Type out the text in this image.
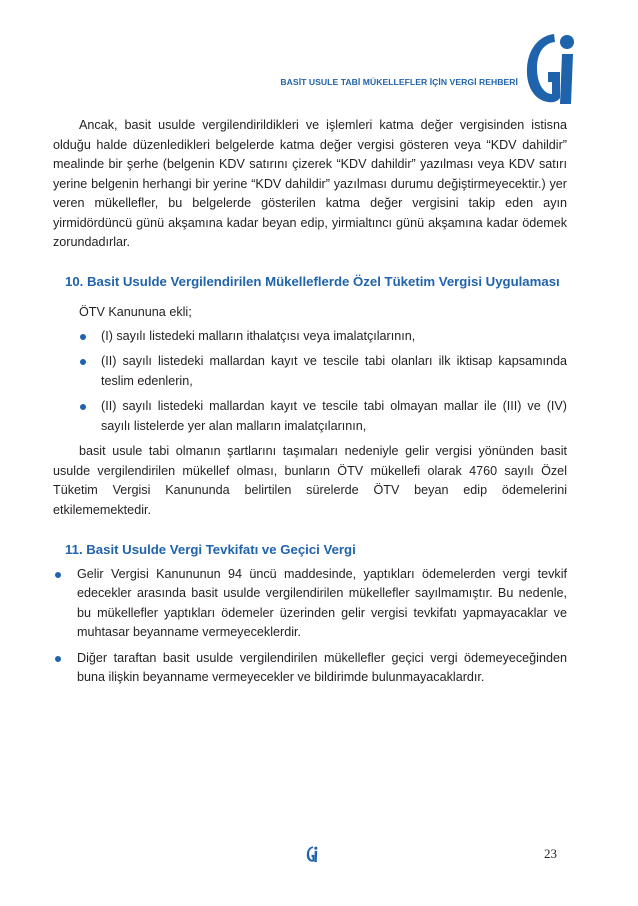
BASİT USULE TABİ MÜKELLEFLER İÇİN VERGİ REHBERİ

Ancak, basit usulde vergilendirildikleri ve işlemleri katma değer vergisinden istisna olduğu halde düzenledikleri belgelerde katma değer vergisi gösteren veya “KDV dahildir” mealinde bir şerhe (belgenin KDV satırını çizerek “KDV dahildir” yazılması veya KDV satırı yerine belgenin herhangi bir yerine “KDV dahildir” yazılması durumu değiştirmeyecektir.) yer veren mükellefler, bu belgelerde gösterilen katma değer vergisini takip eden ayın yirmidördüncü günü akşamına kadar beyan edip, yirmialtıncı günü akşamına kadar ödemek zorundadırlar.

10. Basit Usulde Vergilendirilen Mükelleflerde Özel Tüketim Vergisi Uygulaması

ÖTV Kanununa ekli;

(I) sayılı listedeki malların ithalatçısı veya imalatçılarının,
(II) sayılı listedeki mallardan kayıt ve tescile tabi olanları ilk iktisap kapsamında teslim edenlerin,
(II) sayılı listedeki mallardan kayıt ve tescile tabi olmayan mallar ile (III) ve (IV) sayılı listelerde yer alan malların imalatçılarının,

basit usule tabi olmanın şartlarını taşımaları nedeniyle gelir vergisi yönünden basit usulde vergilendirilen mükellef olması, bunların ÖTV mükellefi olarak 4760 sayılı Özel Tüketim Vergisi Kanununda belirtilen sürelerde ÖTV beyan edip ödemelerini etkilememektedir.

11. Basit Usulde Vergi Tevkifatı ve Geçici Vergi

Gelir Vergisi Kanununun 94 üncü maddesinde, yaptıkları ödemelerden vergi tevkif edecekler arasında basit usulde vergilendirilen mükellefler sayılmamıştır. Bu nedenle, bu mükellefler yaptıkları ödemeler üzerinden gelir vergisi tevkifatı yapmayacaklar ve muhtasar beyanname vermeyeceklerdir.
Diğer taraftan basit usulde vergilendirilen mükellefler geçici vergi ödemeyeceğinden buna ilişkin beyanname vermeyecekler ve bildirimde bulunmayacaklardır.
23
